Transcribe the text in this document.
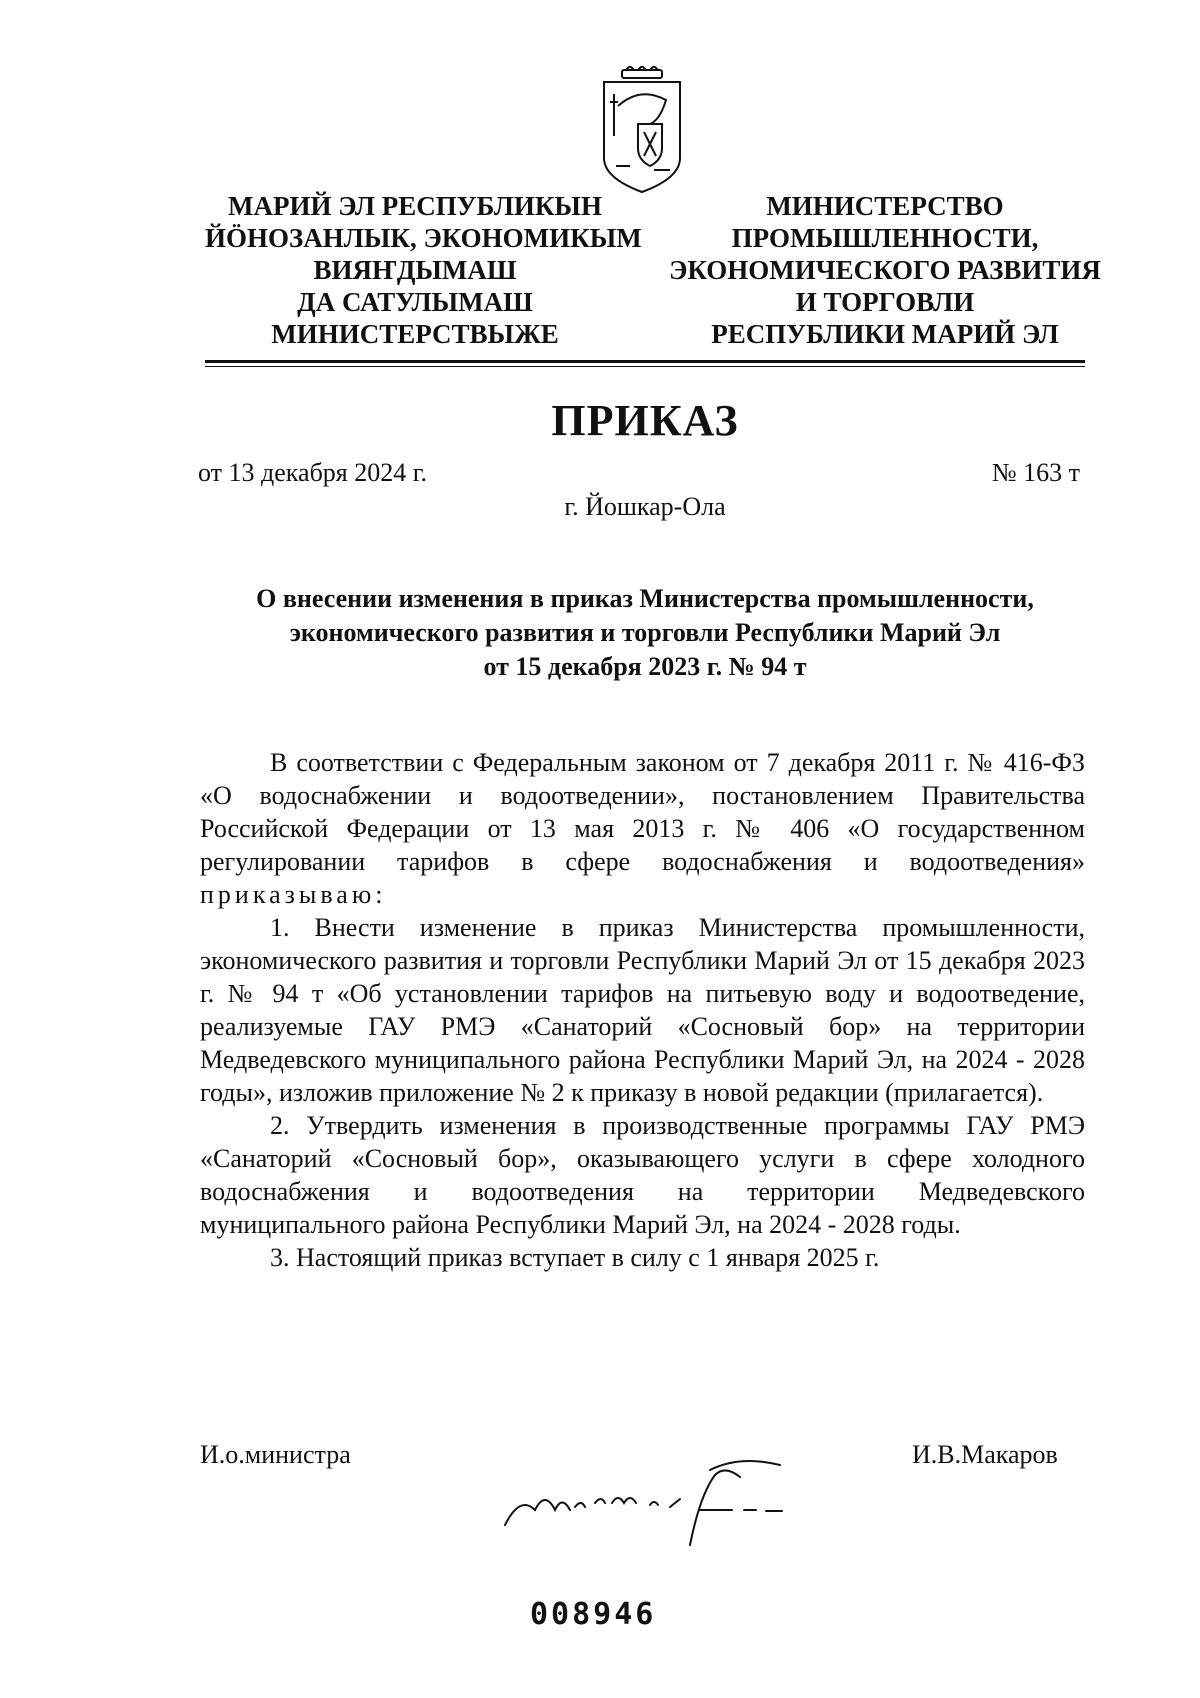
МАРИЙ ЭЛ РЕСПУБЛИКЫН
ЙӦНОЗАНЛЫК, ЭКОНОМИКЫМ
ВИЯҤДЫМАШ
ДА САТУЛЫМАШ
МИНИСТЕРСТВЫЖЕ
МИНИСТЕРСТВО
ПРОМЫШЛЕННОСТИ,
ЭКОНОМИЧЕСКОГО РАЗВИТИЯ
И ТОРГОВЛИ
РЕСПУБЛИКИ МАРИЙ ЭЛ
ПРИКАЗ
от 13 декабря 2024 г.	№ 163 т
г. Йошкар-Ола
О внесении изменения в приказ Министерства промышленности,
экономического развития и торговли Республики Марий Эл
от 15 декабря 2023 г. № 94 т

В соответствии с Федеральным законом от 7 декабря 2011 г. № 416-ФЗ «О водоснабжении и водоотведении», постановлением Правительства Российской Федерации от 13 мая 2013 г. № 406 «О государственном регулировании тарифов в сфере водоснабжения и водоотведения» приказываю:

1. Внести изменение в приказ Министерства промышленности, экономического развития и торговли Республики Марий Эл от 15 декабря 2023 г. № 94 т «Об установлении тарифов на питьевую воду и водоотведение, реализуемые ГАУ РМЭ «Санаторий «Сосновый бор» на территории Медведевского муниципального района Республики Марий Эл, на 2024 - 2028 годы», изложив приложение № 2 к приказу в новой редакции (прилагается).

2. Утвердить изменения в производственные программы ГАУ РМЭ «Санаторий «Сосновый бор», оказывающего услуги в сфере холодного водоснабжения и водоотведения на территории Медведевского муниципального района Республики Марий Эл, на 2024 - 2028 годы.

3. Настоящий приказ вступает в силу с 1 января 2025 г.

И.о.министра	И.В.Макаров
008946
